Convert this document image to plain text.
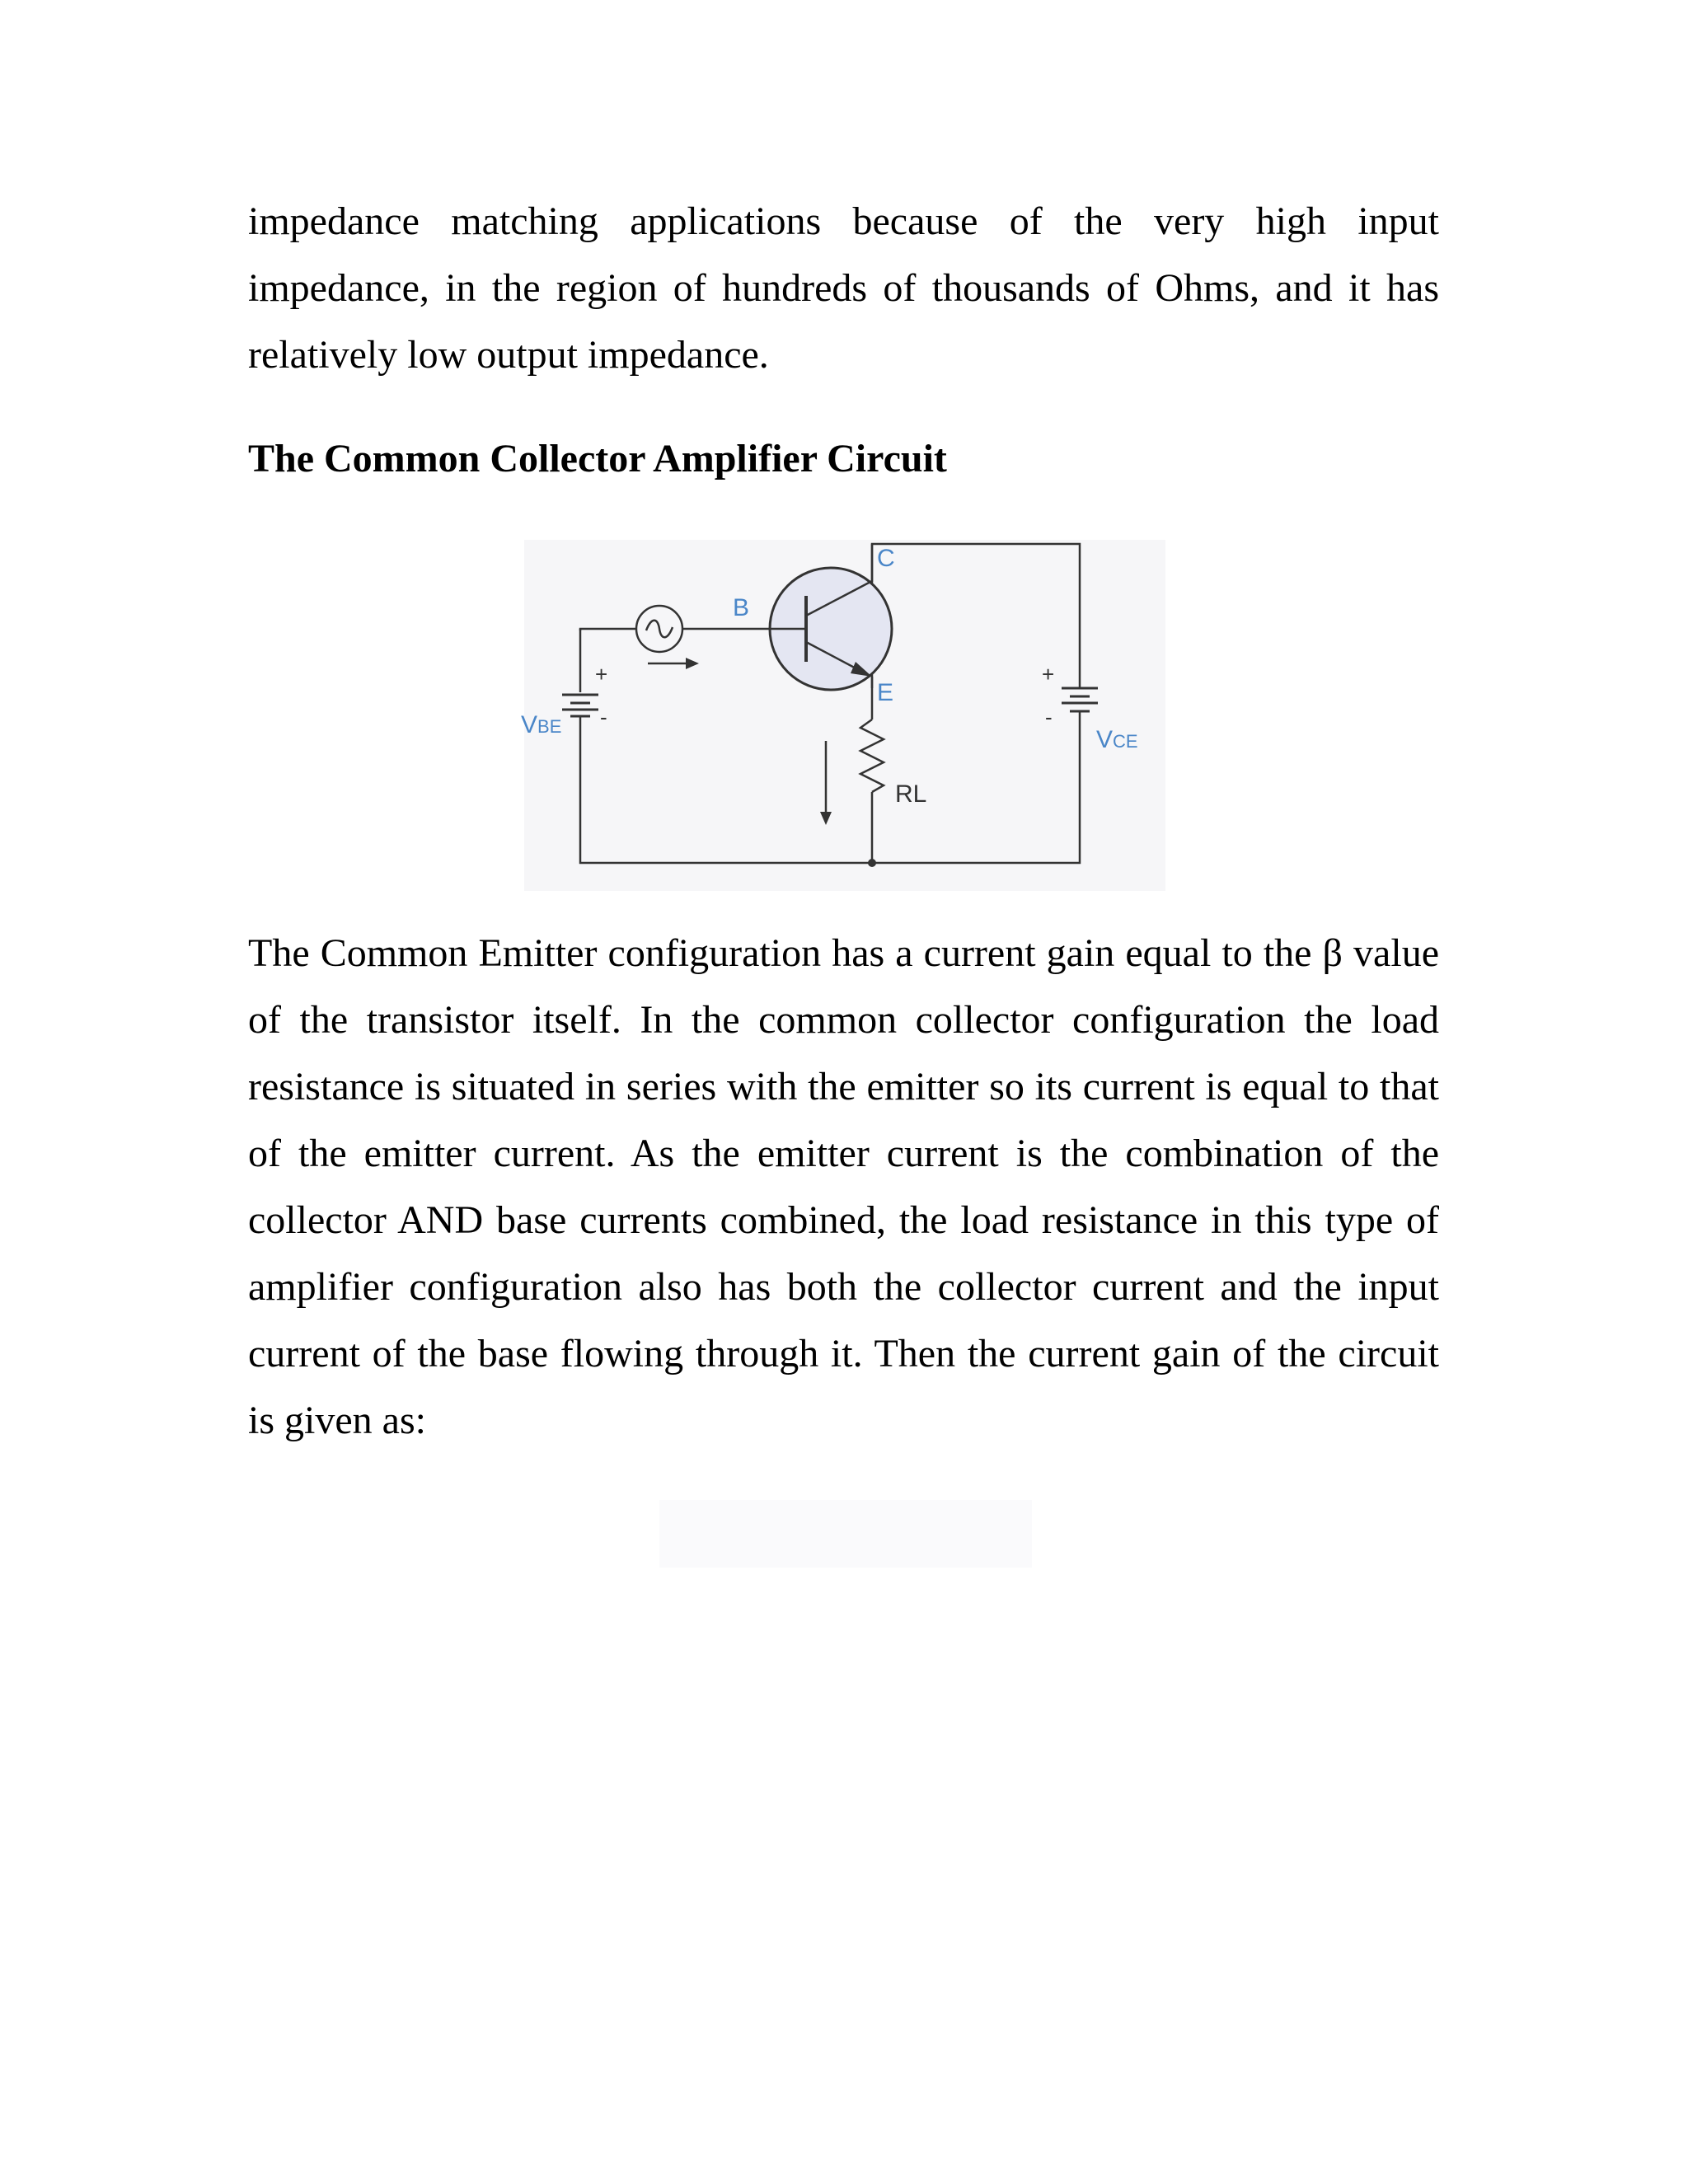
impedance matching applications because of the very high input impedance, in the region of hundreds of thousands of Ohms, and it has relatively low output impedance.

The Common Collector Amplifier Circuit
C
B
E
RL
VBE	VCE
+
-
+
-

The Common Emitter configuration has a current gain equal to the β value of the transistor itself. In the common collector configuration the load resistance is situated in series with the emitter so its current is equal to that of the emitter current. As the emitter current is the combination of the collector AND base currents combined, the load resistance in this type of amplifier configuration also has both the collector current and the input current of the base flowing through it. Then the current gain of the circuit is given as:
